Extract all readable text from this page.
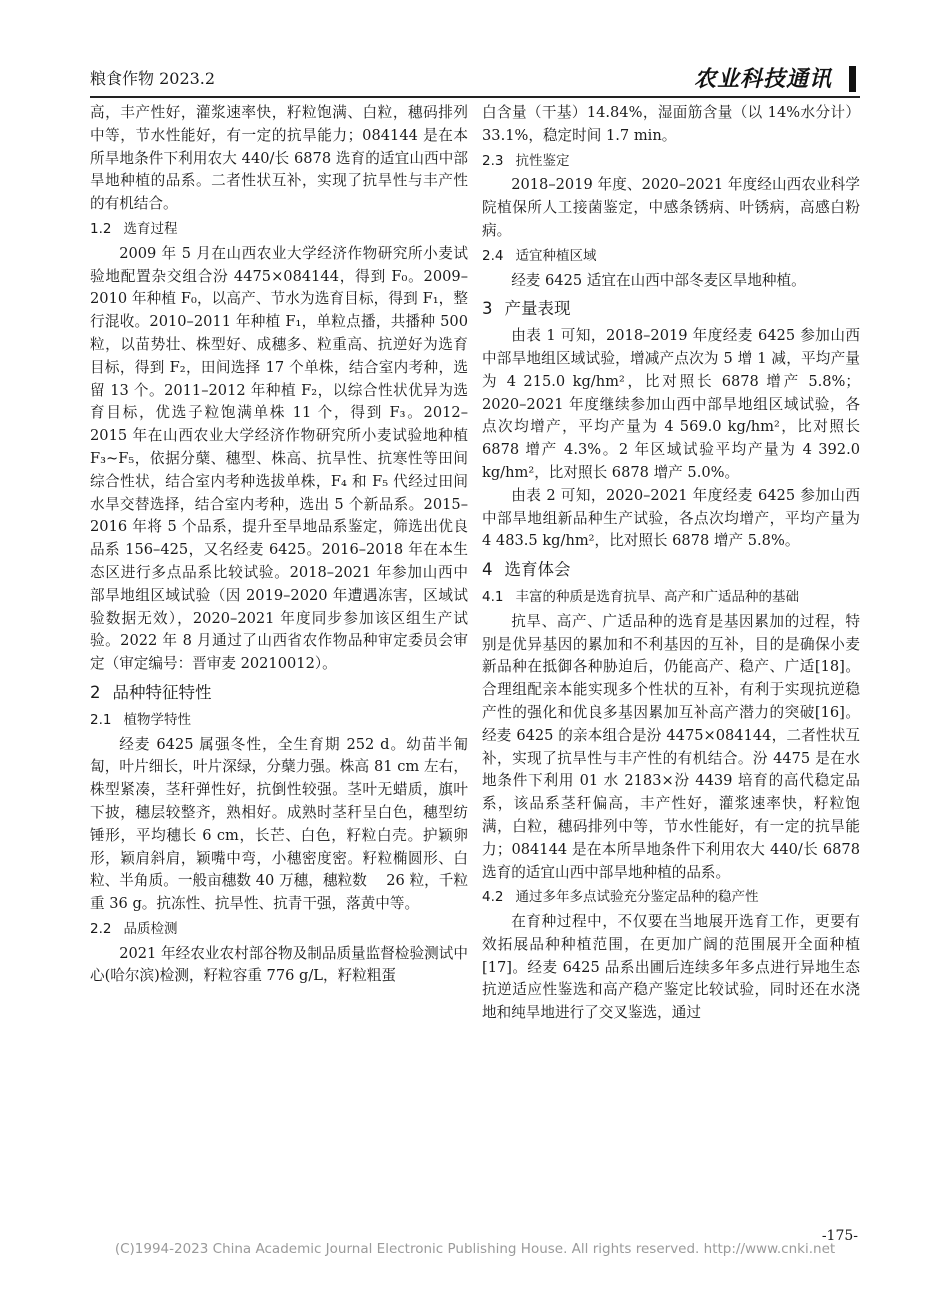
粮食作物 2023.2	农业科技通讯

高，丰产性好，灌浆速率快，籽粒饱满、白粒，穗码排列中等，节水性能好，有一定的抗旱能力；084144 是在本所旱地条件下利用农大 440/长 6878 选育的适宜山西中部旱地种植的品系。二者性状互补，实现了抗旱性与丰产性的有机结合。

1.2 选育过程

2009 年 5 月在山西农业大学经济作物研究所小麦试验地配置杂交组合汾 4475×084144，得到 F₀。2009–2010 年种植 F₀，以高产、节水为选育目标，得到 F₁，整行混收。2010–2011 年种植 F₁，单粒点播，共播种 500 粒，以苗势壮、株型好、成穗多、粒重高、抗逆好为选育目标，得到 F₂，田间选择 17 个单株，结合室内考种，选留 13 个。2011–2012 年种植 F₂，以综合性状优异为选育目标，优选子粒饱满单株 11 个，得到 F₃。2012–2015 年在山西农业大学经济作物研究所小麦试验地种植 F₃~F₅，依据分蘖、穗型、株高、抗旱性、抗寒性等田间综合性状，结合室内考种选拔单株，F₄ 和 F₅ 代经过田间水旱交替选择，结合室内考种，选出 5 个新品系。2015–2016 年将 5 个品系，提升至旱地品系鉴定，筛选出优良品系 156–425，又名经麦 6425。2016–2018 年在本生态区进行多点品系比较试验。2018–2021 年参加山西中部旱地组区域试验（因 2019–2020 年遭遇冻害，区域试验数据无效），2020–2021 年度同步参加该区组生产试验。2022 年 8 月通过了山西省农作物品种审定委员会审定（审定编号：晋审麦 20210012）。

2 品种特征特性
2.1 植物学特性

经麦 6425 属强冬性，全生育期 252 d。幼苗半匍匐，叶片细长，叶片深绿，分蘖力强。株高 81 cm 左右，株型紧凑，茎秆弹性好，抗倒性较强。茎叶无蜡质，旗叶下披，穗层较整齐，熟相好。成熟时茎秆呈白色，穗型纺锤形，平均穗长 6 cm，长芒、白色，籽粒白壳。护颖卵形，颖肩斜肩，颖嘴中弯，小穗密度密。籽粒椭圆形、白粒、半角质。一般亩穗数 40 万穗，穗粒数　 26 粒，千粒重 36 g。抗冻性、抗旱性、抗青干强，落黄中等。

2.2 品质检测

2021 年经农业农村部谷物及制品质量监督检验测试中心(哈尔滨)检测，籽粒容重 776 g/L，籽粒粗蛋

白含量（干基）14.84%，湿面筋含量（以 14%水分计）33.1%，稳定时间 1.7 min。

2.3 抗性鉴定

2018–2019 年度、2020–2021 年度经山西农业科学院植保所人工接菌鉴定，中感条锈病、叶锈病，高感白粉病。

2.4 适宜种植区域

经麦 6425 适宜在山西中部冬麦区旱地种植。

3 产量表现

由表 1 可知，2018–2019 年度经麦 6425 参加山西中部旱地组区域试验，增减产点次为 5 增 1 减，平均产量为 4 215.0 kg/hm²，比对照长 6878 增产 5.8%；2020–2021 年度继续参加山西中部旱地组区域试验，各点次均增产，平均产量为 4 569.0 kg/hm²，比对照长 6878 增产 4.3%。2 年区域试验平均产量为 4 392.0 kg/hm²，比对照长 6878 增产 5.0%。

由表 2 可知，2020–2021 年度经麦 6425 参加山西中部旱地组新品种生产试验，各点次均增产，平均产量为 4 483.5 kg/hm²，比对照长 6878 增产 5.8%。

4 选育体会
4.1 丰富的种质是选育抗旱、高产和广适品种的基础

抗旱、高产、广适品种的选育是基因累加的过程，特别是优异基因的累加和不利基因的互补，目的是确保小麦新品种在抵御各种胁迫后，仍能高产、稳产、广适[18]。合理组配亲本能实现多个性状的互补，有利于实现抗逆稳产性的强化和优良多基因累加互补高产潜力的突破[16]。经麦 6425 的亲本组合是汾 4475×084144，二者性状互补，实现了抗旱性与丰产性的有机结合。汾 4475 是在水地条件下利用 01 水 2183×汾 4439 培育的高代稳定品系，该品系茎秆偏高，丰产性好，灌浆速率快，籽粒饱满，白粒，穗码排列中等，节水性能好，有一定的抗旱能力；084144 是在本所旱地条件下利用农大 440/长 6878 选育的适宜山西中部旱地种植的品系。

4.2 通过多年多点试验充分鉴定品种的稳产性

在育种过程中，不仅要在当地展开选育工作，更要有效拓展品种种植范围，在更加广阔的范围展开全面种植[17]。经麦 6425 品系出圃后连续多年多点进行异地生态抗逆适应性鉴选和高产稳产鉴定比较试验，同时还在水浇地和纯旱地进行了交叉鉴选，通过

-175-
(C)1994-2023 China Academic Journal Electronic Publishing House. All rights reserved. http://www.cnki.net
